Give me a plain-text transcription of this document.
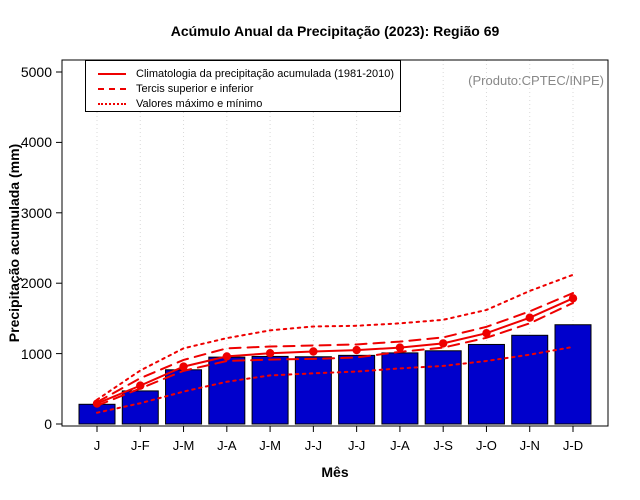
Acúmulo Anual da Precipitação (2023): Região 69
(Produto:CPTEC/INPE)
Precipitação acumulada (mm)
Mês
Climatologia da precipitação acumulada (1981-2010)
Tercis superior e inferior
Valores máximo e mínimo
0
1000
2000
3000
4000
5000
J	J-F	J-M	J-A	J-M	J-J	J-J	J-A	J-S	J-O	J-N	J-D
